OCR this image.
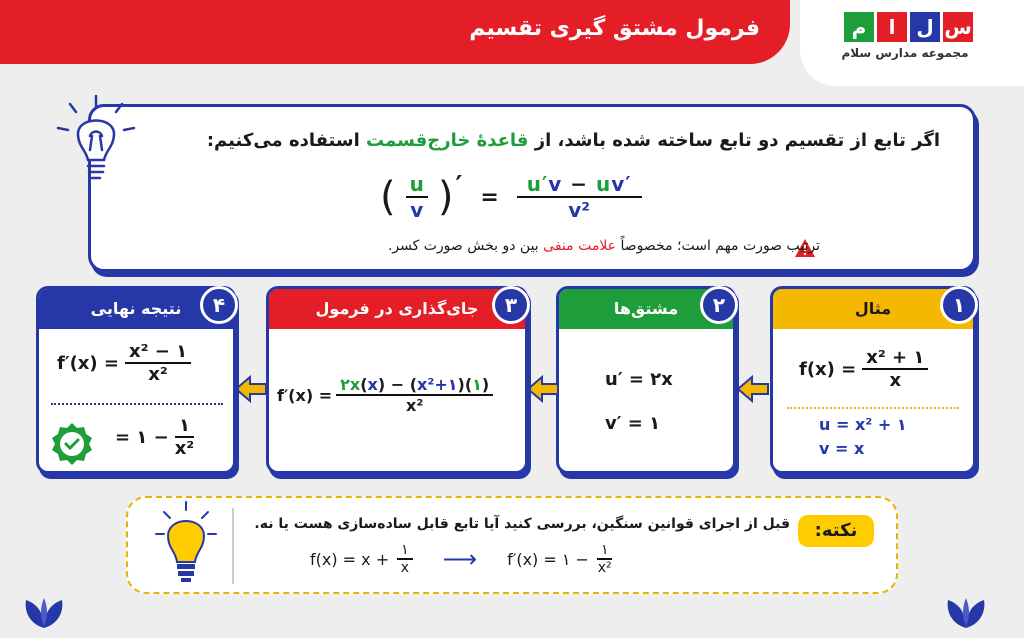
فرمول مشتق گیری تقسیم	س
ل
ا
م
مجموعه مدارس سلام
اگر تابع از تقسیم دو تابع ساخته شده باشد، از قاعدهٔ خارج‌قسمت استفاده می‌کنیم:
( $\frac{u}{v}$ ) ′ = $\frac{u'v - uv'}{\text{v²}}$
ترتیب صورت مهم است؛ مخصوصاً علامت منفی بین دو بخش صورت کسر.
مثال
$f(x) = \frac{\text{x² + ۱}}{x}$
u = x² + ۱
v = x
۱
مشتق‌ها
u′ = ۲x
v′ = ۱
۲
جای‌گذاری در فرمول
$f'(x) = \frac{\text{۲x(x) − (x²+۱)(۱)}}{\text{x²}}$
۳
نتیجه نهایی
$f'(x) = \frac{\text{x² − ۱}}{\text{x²}}$
= ۱ − $\frac{۱}{\text{x²}}$
۴
نکته:
قبل از اجرای قوانین سنگین، بررسی کنید آیا تابع قابل ساده‌سازی هست یا نه.
$f(x) = x + \frac{۱}{x}$ ⟶ f′(x) = ۱ − $\frac{۱}{\text{x²}}$
